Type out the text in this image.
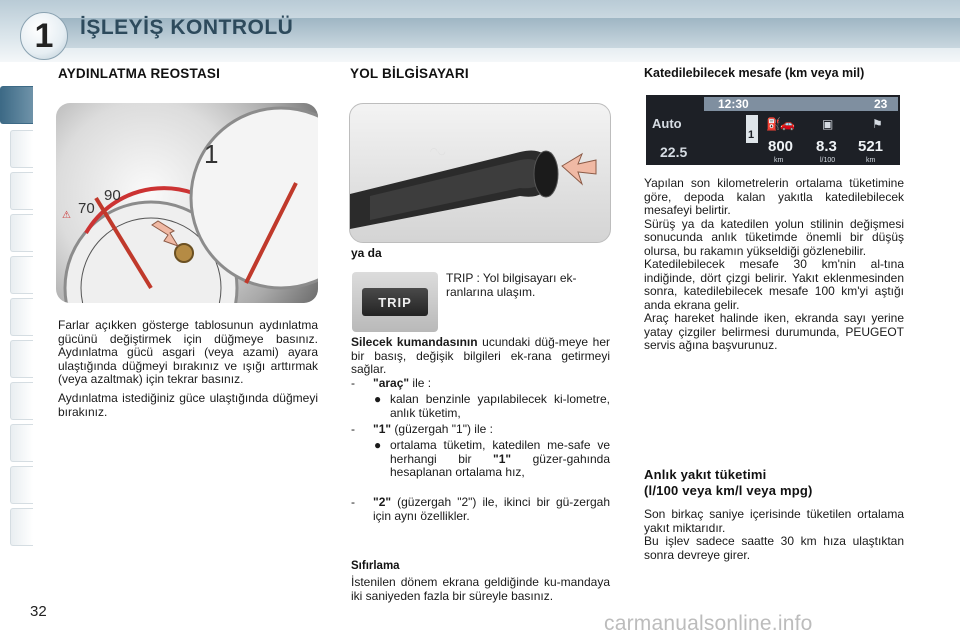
1 İŞLEYİŞ KONTROLÜ
AYDINLATMA REOSTASI
90
70
1
⚠
Farlar açıkken gösterge tablosunun aydınlatma gücünü değiştirmek için düğmeye basınız. Aydınlatma gücü asgari (veya azami) ayara ulaştığında düğmeyi bırakınız ve ışığı arttırmak (veya azaltmak) için tekrar basınız.
Aydınlatma istediğiniz güce ulaştığında düğmeyi bırakınız.
YOL BİLGİSAYARI
◠◡
ya da
TRIP
TRIP : Yol bilgisayarı ek-ranlarına ulaşım.
Silecek kumandasının ucundaki düğ-meye her bir basış, değişik bilgileri ek-rana getirmeyi sağlar.
- "araç" ile :
● kalan benzinle yapılabilecek ki-lometre, anlık tüketim,
- "1" (güzergah "1") ile :
● ortalama tüketim, katedilen me-safe ve herhangi bir "1" güzer-gahında hesaplanan ortalama hız,
- "2" (güzergah "2") ile, ikinci bir gü-zergah için aynı özellikler.
Sıfırlama
İstenilen dönem ekrana geldiğinde ku-mandaya iki saniyeden fazla bir süreyle basınız.
Katedilebilecek mesafe (km veya mil)
12:30	23
Auto
22.5
1
⛽ 🚗 ▣	⚑
800 8.3 521
km	l/100	km
Yapılan son kilometrelerin ortalama tüketimine göre, depoda kalan yakıtla katedilebilecek mesafeyi belirtir.
Sürüş ya da katedilen yolun stilinin değişmesi sonucunda anlık tüketimde önemli bir düşüş olursa, bu rakamın yükseldiği gözlenebilir.
Katedilebilecek mesafe 30 km'nin al-tına indiğinde, dört çizgi belirir. Yakıt eklenmesinden sonra, katedilebilecek mesafe 100 km'yi aştığı anda ekrana gelir.
Araç hareket halinde iken, ekranda sayı yerine yatay çizgiler belirmesi durumunda, PEUGEOT servis ağına başvurunuz.
Anlık yakıt tüketimi
(l/100 veya km/l veya mpg)
Son birkaç saniye içerisinde tüketilen ortalama yakıt miktarıdır.
Bu işlev sadece saatte 30 km hıza ulaştıktan sonra devreye girer.
32
carmanualsonline.info
